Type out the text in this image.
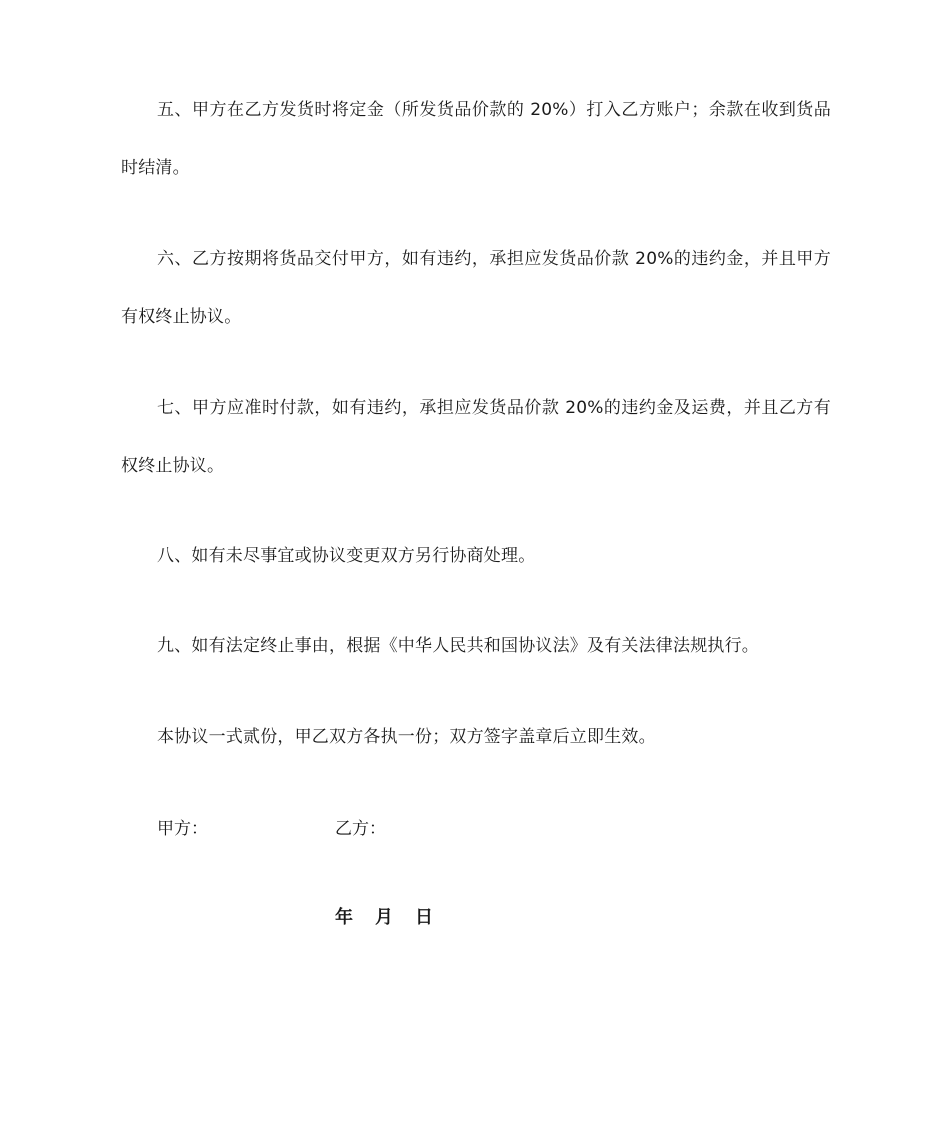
五、甲方在乙方发货时将定金（所发货品价款的 20%）打入乙方账户；余款在收到货品时结清。

六、乙方按期将货品交付甲方，如有违约，承担应发货品价款 20%的违约金，并且甲方有权终止协议。

七、甲方应准时付款，如有违约，承担应发货品价款 20%的违约金及运费，并且乙方有权终止协议。

八、如有未尽事宜或协议变更双方另行协商处理。

九、如有法定终止事由，根据《中华人民共和国协议法》及有关法律法规执行。

本协议一式贰份，甲乙双方各执一份；双方签字盖章后立即生效。

甲方：	乙方：
年 月 日
